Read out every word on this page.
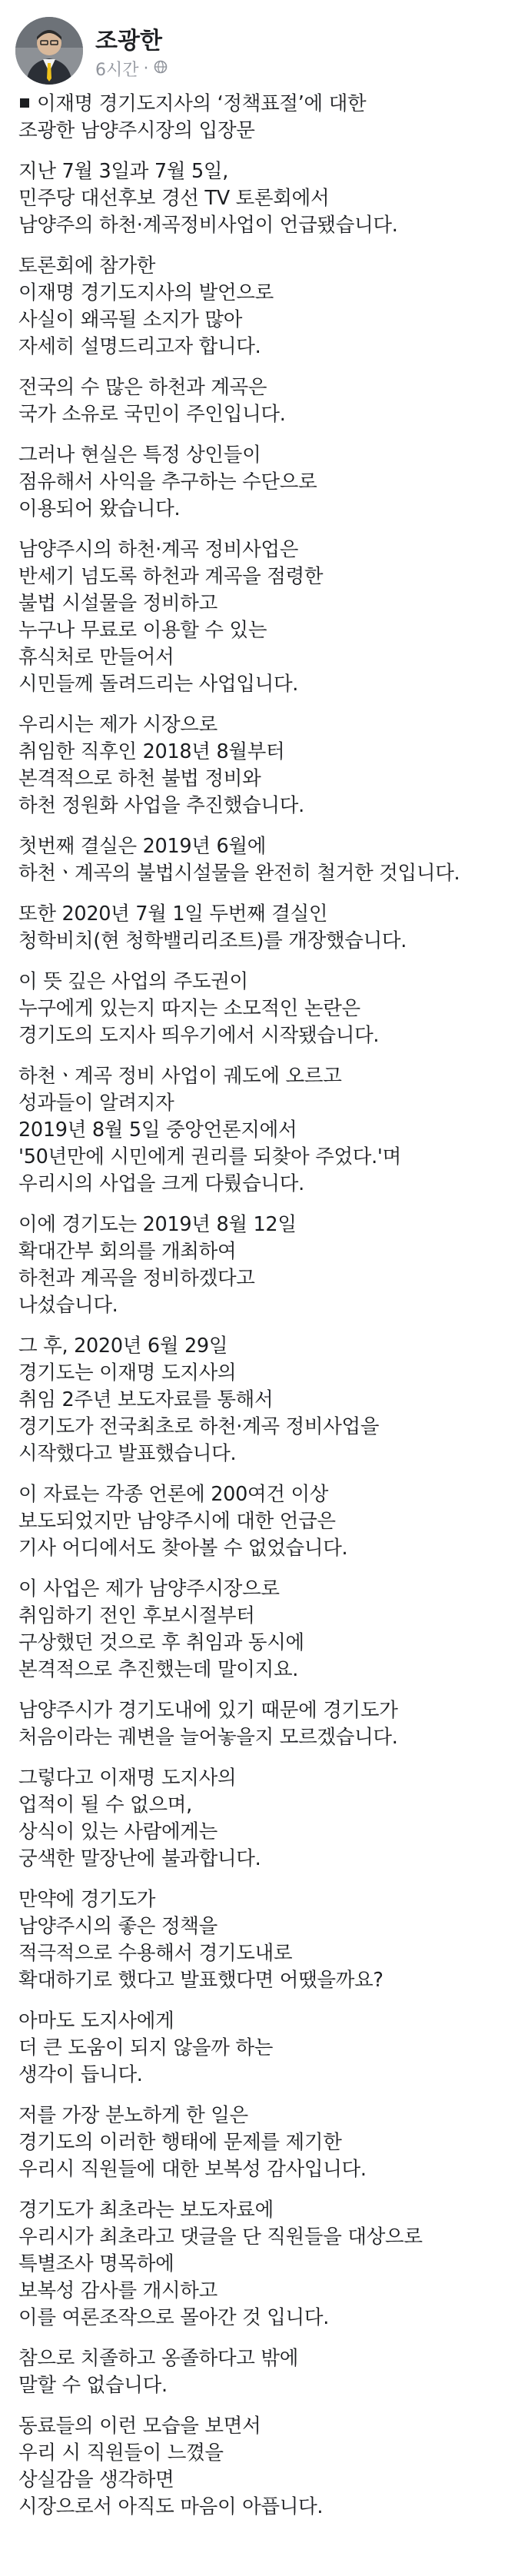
조광한
6시간 ·
이재명 경기도지사의 ‘정책표절’에 대한
조광한 남양주시장의 입장문
지난 7월 3일과 7월 5일,
민주당 대선후보 경선 TV 토론회에서
남양주의 하천·계곡정비사업이 언급됐습니다.
토론회에 참가한
이재명 경기도지사의 발언으로
사실이 왜곡될 소지가 많아
자세히 설명드리고자 합니다.
전국의 수 많은 하천과 계곡은
국가 소유로 국민이 주인입니다.
그러나 현실은 특정 상인들이
점유해서 사익을 추구하는 수단으로
이용되어 왔습니다.
남양주시의 하천·계곡 정비사업은
반세기 넘도록 하천과 계곡을 점령한
불법 시설물을 정비하고
누구나 무료로 이용할 수 있는
휴식처로 만들어서
시민들께 돌려드리는 사업입니다.
우리시는 제가 시장으로
취임한 직후인 2018년 8월부터
본격적으로 하천 불법 정비와
하천 정원화 사업을 추진했습니다.
첫번째 결실은 2019년 6월에
하천ㆍ계곡의 불법시설물을 완전히 철거한 것입니다.
또한 2020년 7월 1일 두번째 결실인
청학비치(현 청학밸리리조트)를 개장했습니다.
이 뜻 깊은 사업의 주도권이
누구에게 있는지 따지는 소모적인 논란은
경기도의 도지사 띄우기에서 시작됐습니다.
하천ㆍ계곡 정비 사업이 궤도에 오르고
성과들이 알려지자
2019년 8월 5일 중앙언론지에서
'50년만에 시민에게 권리를 되찾아 주었다.'며
우리시의 사업을 크게 다뤘습니다.
이에 경기도는 2019년 8월 12일
확대간부 회의를 개최하여
하천과 계곡을 정비하겠다고
나섰습니다.
그 후, 2020년 6월 29일
경기도는 이재명 도지사의
취임 2주년 보도자료를 통해서
경기도가 전국최초로 하천·계곡 정비사업을
시작했다고 발표했습니다.
이 자료는 각종 언론에 200여건 이상
보도되었지만 남양주시에 대한 언급은
기사 어디에서도 찾아볼 수 없었습니다.
이 사업은 제가 남양주시장으로
취임하기 전인 후보시절부터
구상했던 것으로 후 취임과 동시에
본격적으로 추진했는데 말이지요.
남양주시가 경기도내에 있기 때문에 경기도가
처음이라는 궤변을 늘어놓을지 모르겠습니다.
그렇다고 이재명 도지사의
업적이 될 수 없으며,
상식이 있는 사람에게는
궁색한 말장난에 불과합니다.
만약에 경기도가
남양주시의 좋은 정책을
적극적으로 수용해서 경기도내로
확대하기로 했다고 발표했다면 어땠을까요?
아마도 도지사에게
더 큰 도움이 되지 않을까 하는
생각이 듭니다.
저를 가장 분노하게 한 일은
경기도의 이러한 행태에 문제를 제기한
우리시 직원들에 대한 보복성 감사입니다.
경기도가 최초라는 보도자료에
우리시가 최초라고 댓글을 단 직원들을 대상으로
특별조사 명목하에
보복성 감사를 개시하고
이를 여론조작으로 몰아간 것 입니다.
참으로 치졸하고 옹졸하다고 밖에
말할 수 없습니다.
동료들의 이런 모습을 보면서
우리 시 직원들이 느꼈을
상실감을 생각하면
시장으로서 아직도 마음이 아픕니다.
